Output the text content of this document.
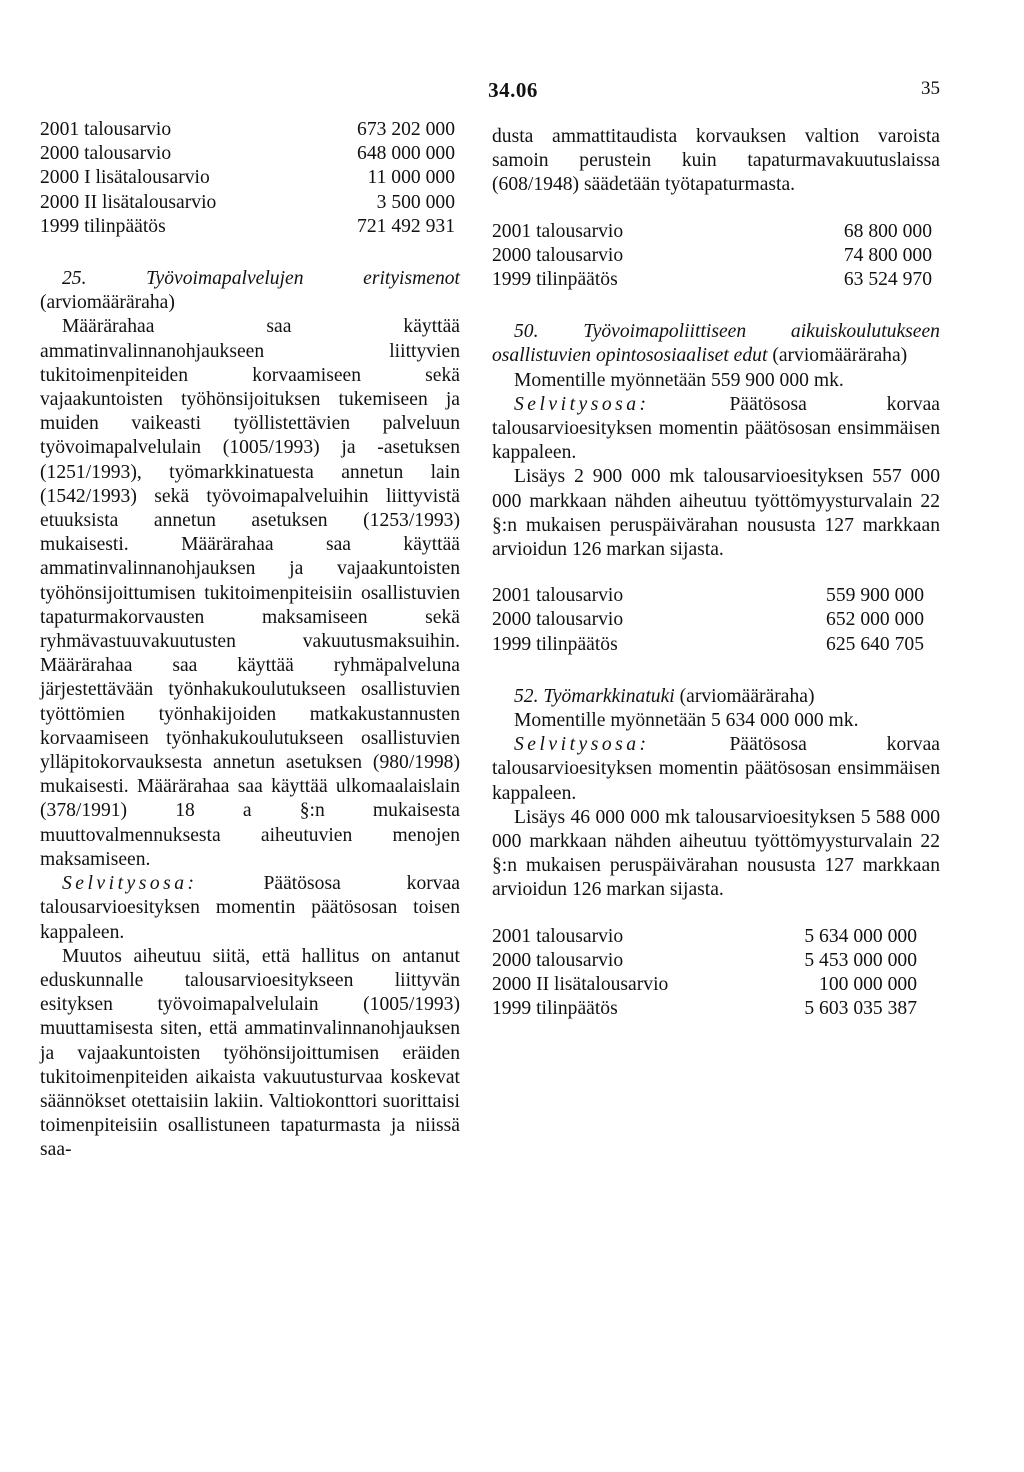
34.06	35
2001 talousarvio	673 202 000
2000 talousarvio	648 000 000
2000 I lisätalousarvio	11 000 000
2000 II lisätalousarvio	3 500 000
1999 tilinpäätös	721 492 931

25.	Työvoimapalvelujen erityismenot (arviomääräraha)

Määrärahaa saa käyttää ammatinvalinnanohjaukseen liittyvien tukitoimenpiteiden korvaamiseen sekä vajaakuntoisten työhönsijoituksen tukemiseen ja muiden vaikeasti työllistettävien palveluun työvoimapalvelulain (1005/1993) ja -asetuksen (1251/1993), työmarkkinatuesta annetun lain (1542/1993) sekä työvoimapalveluihin liittyvistä etuuksista annetun asetuksen (1253/1993) mukaisesti. Määrärahaa saa käyttää ammatinvalinnanohjauksen ja vajaakuntoisten työhönsijoittumisen tukitoimenpiteisiin osallistuvien tapaturmakorvausten maksamiseen sekä ryhmävastuuvakuutusten vakuutusmaksuihin. Määrärahaa saa käyttää ryhmäpalveluna järjestettävään työnhakukoulutukseen osallistuvien työttömien työnhakijoiden matkakustannusten korvaamiseen työnhakukoulutukseen osallistuvien ylläpitokorvauksesta annetun asetuksen (980/1998) mukaisesti. Määrärahaa saa käyttää ulkomaalaislain (378/1991) 18 a §:n mukaisesta muuttovalmennuksesta aiheutuvien menojen maksamiseen.

Selvitysosa:	Päätösosa korvaa talousarvioesityksen momentin päätösosan toisen kappaleen.

Muutos aiheutuu siitä, että hallitus on antanut eduskunnalle talousarvioesitykseen liittyvän esityksen työvoimapalvelulain (1005/1993) muuttamisesta siten, että ammatinvalinnanohjauksen ja vajaakuntoisten työhönsijoittumisen eräiden tukitoimenpiteiden aikaista vakuutusturvaa koskevat säännökset otettaisiin lakiin. Valtiokonttori suorittaisi toimenpiteisiin osallistuneen tapaturmasta ja niissä saa-

dusta ammattitaudista korvauksen valtion varoista samoin perustein kuin tapaturmavakuutuslaissa (608/1948) säädetään työtapaturmasta.

2001 talousarvio	68 800 000
2000 talousarvio	74 800 000
1999 tilinpäätös	63 524 970

50. Työvoimapoliittiseen aikuiskoulutukseen osallistuvien opintososiaaliset edut (arviomääräraha)

Momentille myönnetään 559 900 000 mk.

Selvitysosa:	Päätösosa korvaa talousarvioesityksen momentin päätösosan ensimmäisen kappaleen.

Lisäys 2 900 000 mk talousarvioesityksen 557 000 000 markkaan nähden aiheutuu työttömyysturvalain 22 §:n mukaisen peruspäivärahan noususta 127 markkaan arvioidun 126 markan sijasta.

2001 talousarvio	559 900 000
2000 talousarvio	652 000 000
1999 tilinpäätös	625 640 705

52. Työmarkkinatuki (arviomääräraha)

Momentille myönnetään 5 634 000 000 mk.

Selvitysosa:	Päätösosa korvaa talousarvioesityksen momentin päätösosan ensimmäisen kappaleen.

Lisäys 46 000 000 mk talousarvioesityksen 5 588 000 000 markkaan nähden aiheutuu työttömyysturvalain 22 §:n mukaisen peruspäivärahan noususta 127 markkaan arvioidun 126 markan sijasta.

2001 talousarvio	5 634 000 000
2000 talousarvio	5 453 000 000
2000 II lisätalousarvio	100 000 000
1999 tilinpäätös	5 603 035 387
